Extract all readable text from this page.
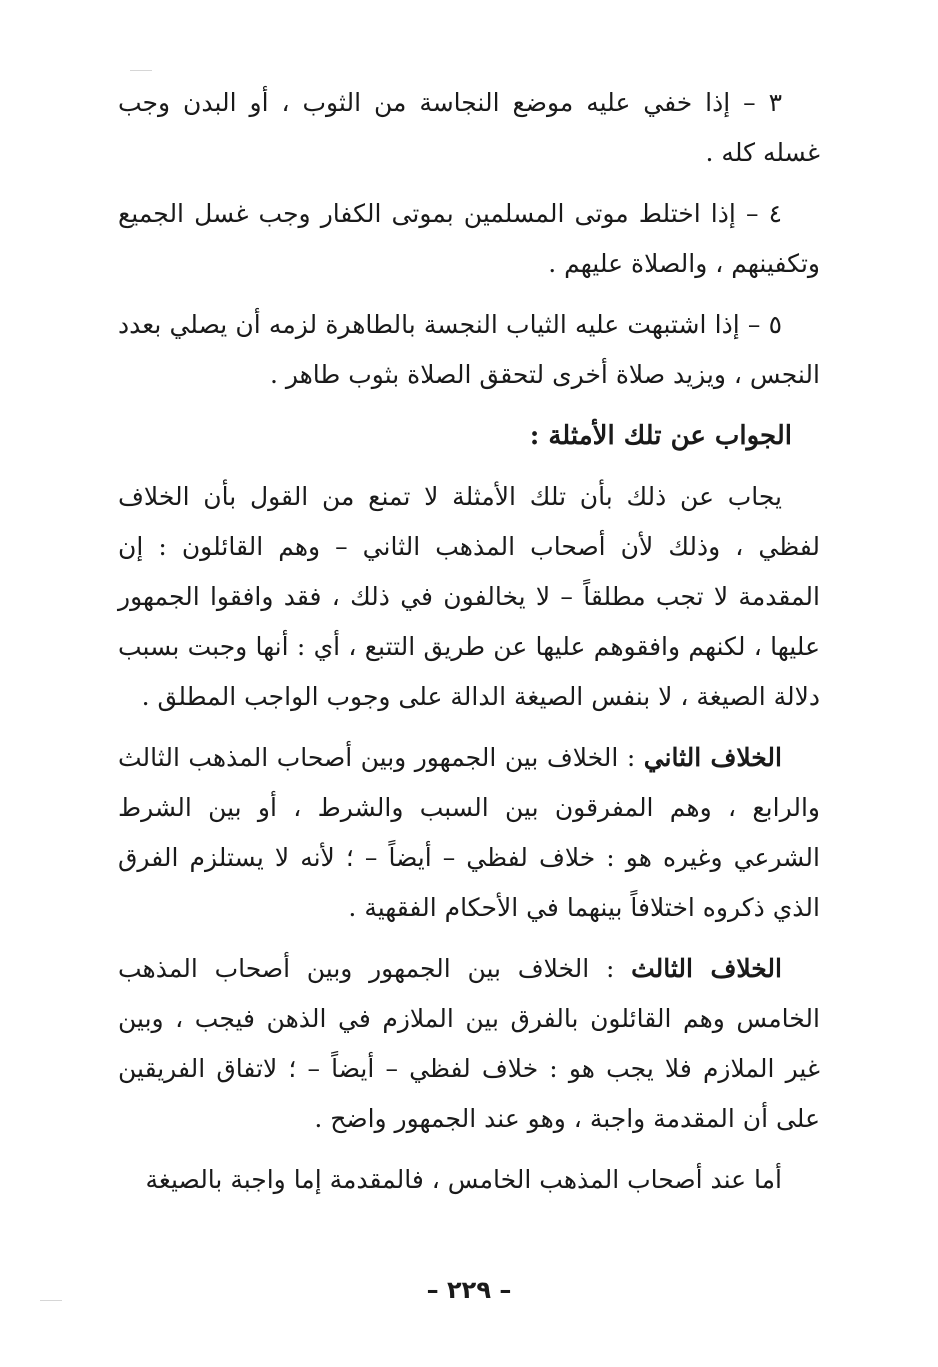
٣ – إذا خفي عليه موضع النجاسة من الثوب ، أو البدن وجب غسله كله .

٤ – إذا اختلط موتى المسلمين بموتى الكفار وجب غسل الجميع وتكفينهم ، والصلاة عليهم .

٥ – إذا اشتبهت عليه الثياب النجسة بالطاهرة لزمه أن يصلي بعدد النجس ، ويزيد صلاة أخرى لتحقق الصلاة بثوب طاهر .

الجواب عن تلك الأمثلة :

يجاب عن ذلك بأن تلك الأمثلة لا تمنع من القول بأن الخلاف لفظي ، وذلك لأن أصحاب المذهب الثاني – وهم القائلون : إن المقدمة لا تجب مطلقاً – لا يخالفون في ذلك ، فقد وافقوا الجمهور عليها ، لكنهم وافقوهم عليها عن طريق التتبع ، أي : أنها وجبت بسبب دلالة الصيغة ، لا بنفس الصيغة الدالة على وجوب الواجب المطلق .

الخلاف الثاني : الخلاف بين الجمهور وبين أصحاب المذهب الثالث والرابع ، وهم المفرقون بين السبب والشرط ، أو بين الشرط الشرعي وغيره هو : خلاف لفظي – أيضاً – ؛ لأنه لا يستلزم الفرق الذي ذكروه اختلافاً بينهما في الأحكام الفقهية .

الخلاف الثالث : الخلاف بين الجمهور وبين أصحاب المذهب الخامس وهم القائلون بالفرق بين الملازم في الذهن فيجب ، وبين غير الملازم فلا يجب هو : خلاف لفظي – أيضاً – ؛ لاتفاق الفريقين على أن المقدمة واجبة ، وهو عند الجمهور واضح .

أما عند أصحاب المذهب الخامس ، فالمقدمة إما واجبة بالصيغة

– ٢٢٩ –
